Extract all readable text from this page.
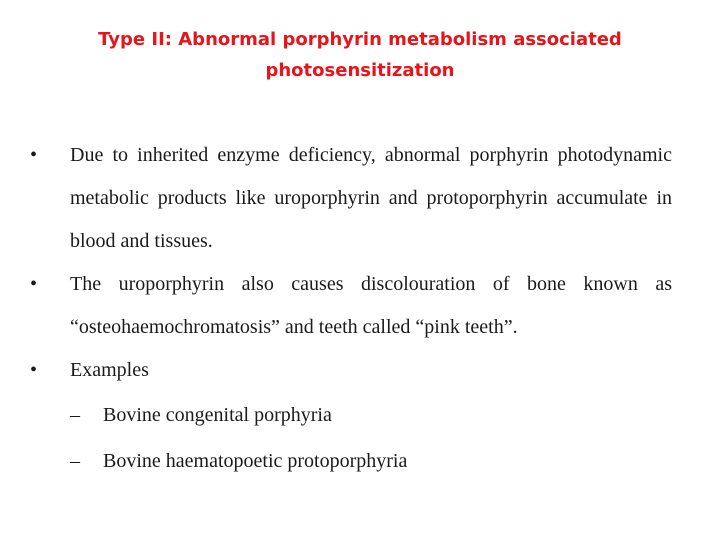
Type II: Abnormal porphyrin metabolism associated photosensitization
•	Due to inherited enzyme deficiency, abnormal porphyrin photodynamic metabolic products like uroporphyrin and protoporphyrin accumulate in blood and tissues.
•	The uroporphyrin also causes discolouration of bone known as “osteohaemochromatosis” and teeth called “pink teeth”.
•	Examples
– Bovine congenital porphyria
– Bovine haematopoetic protoporphyria
